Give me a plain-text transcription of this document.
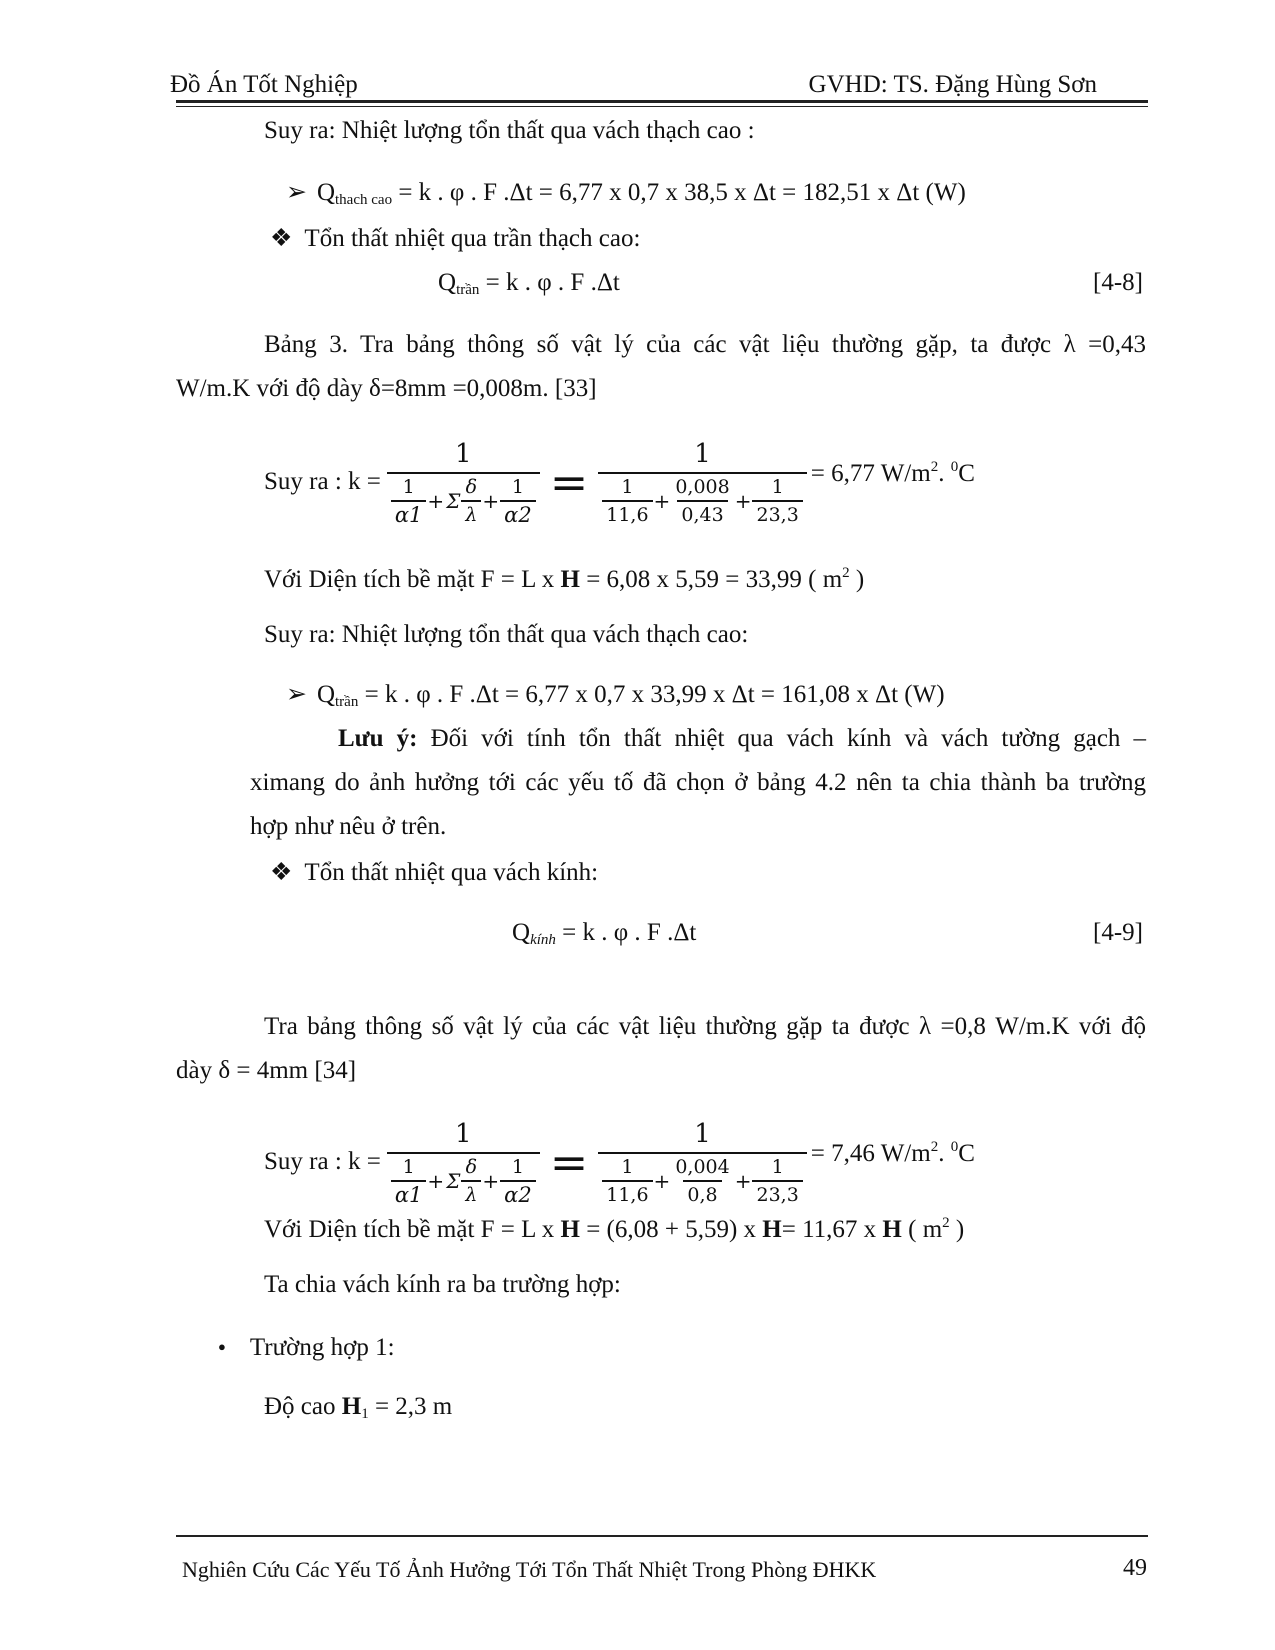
Đồ Án Tốt Nghiệp	GVHD: TS. Đặng Hùng Sơn
Suy ra: Nhiệt lượng tổn thất qua vách thạch cao :
➢ $Q_{thach cao} = k$ . φ . F .Δt = 6,77 x 0,7 x 38,5 x Δt = 182,51 x Δt (W)
❖ Tổn thất nhiệt qua trần thạch cao:
$Q_{trần} = k$ . φ . F .Δt	[4-8]
Bảng 3. Tra bảng thông số vật lý của các vật liệu thường gặp, ta được λ =0,43
W/m.K với độ dày δ=8mm =0,008m. [33]
Suy ra : $k = \frac{1}{\frac{1}{\alpha 1} + \Sigma \frac{\delta}{\lambda} + \frac{1}{\alpha 2}} = \frac{1}{\frac{1}{11,6} + \frac{0,008}{0,43} + \frac{1}{23,3}} = 6,77$ $W/m^2$. $^0$C
Với Diện tích bề mặt F = L x H = 6,08 x 5,59 = 33,99 ( $m^2$ )
Suy ra: Nhiệt lượng tổn thất qua vách thạch cao:
➢ $Q_{trần} = k$ . φ . F .Δt = 6,77 x 0,7 x 33,99 x Δt = 161,08 x Δt (W)
Lưu ý: Đối với tính tổn thất nhiệt qua vách kính và vách tường gạch –
ximang do ảnh hưởng tới các yếu tố đã chọn ở bảng 4.2 nên ta chia thành ba trường
hợp như nêu ở trên.
❖ Tổn thất nhiệt qua vách kính:
$Q_{kính} = k$ . φ . F .Δt	[4-9]
Tra bảng thông số vật lý của các vật liệu thường gặp ta được λ =0,8 W/m.K với độ
dày δ = 4mm [34]
Suy ra : $k = \frac{1}{\frac{1}{\alpha 1} + \Sigma \frac{\delta}{\lambda} + \frac{1}{\alpha 2}} = \frac{1}{\frac{1}{11,6} + \frac{0,004}{0,8} + \frac{1}{23,3}} = 7,46$ $W/m^2$. $^0$C
Với Diện tích bề mặt F = L x H = (6,08 + 5,59) x H= 11,67 x H ( $m^2$ )
Ta chia vách kính ra ba trường hợp:
● Trường hợp 1:
Độ cao $H_1 = 2,3$ m
Nghiên Cứu Các Yếu Tố Ảnh Hưởng Tới Tổn Thất Nhiệt Trong Phòng ĐHKK	49
